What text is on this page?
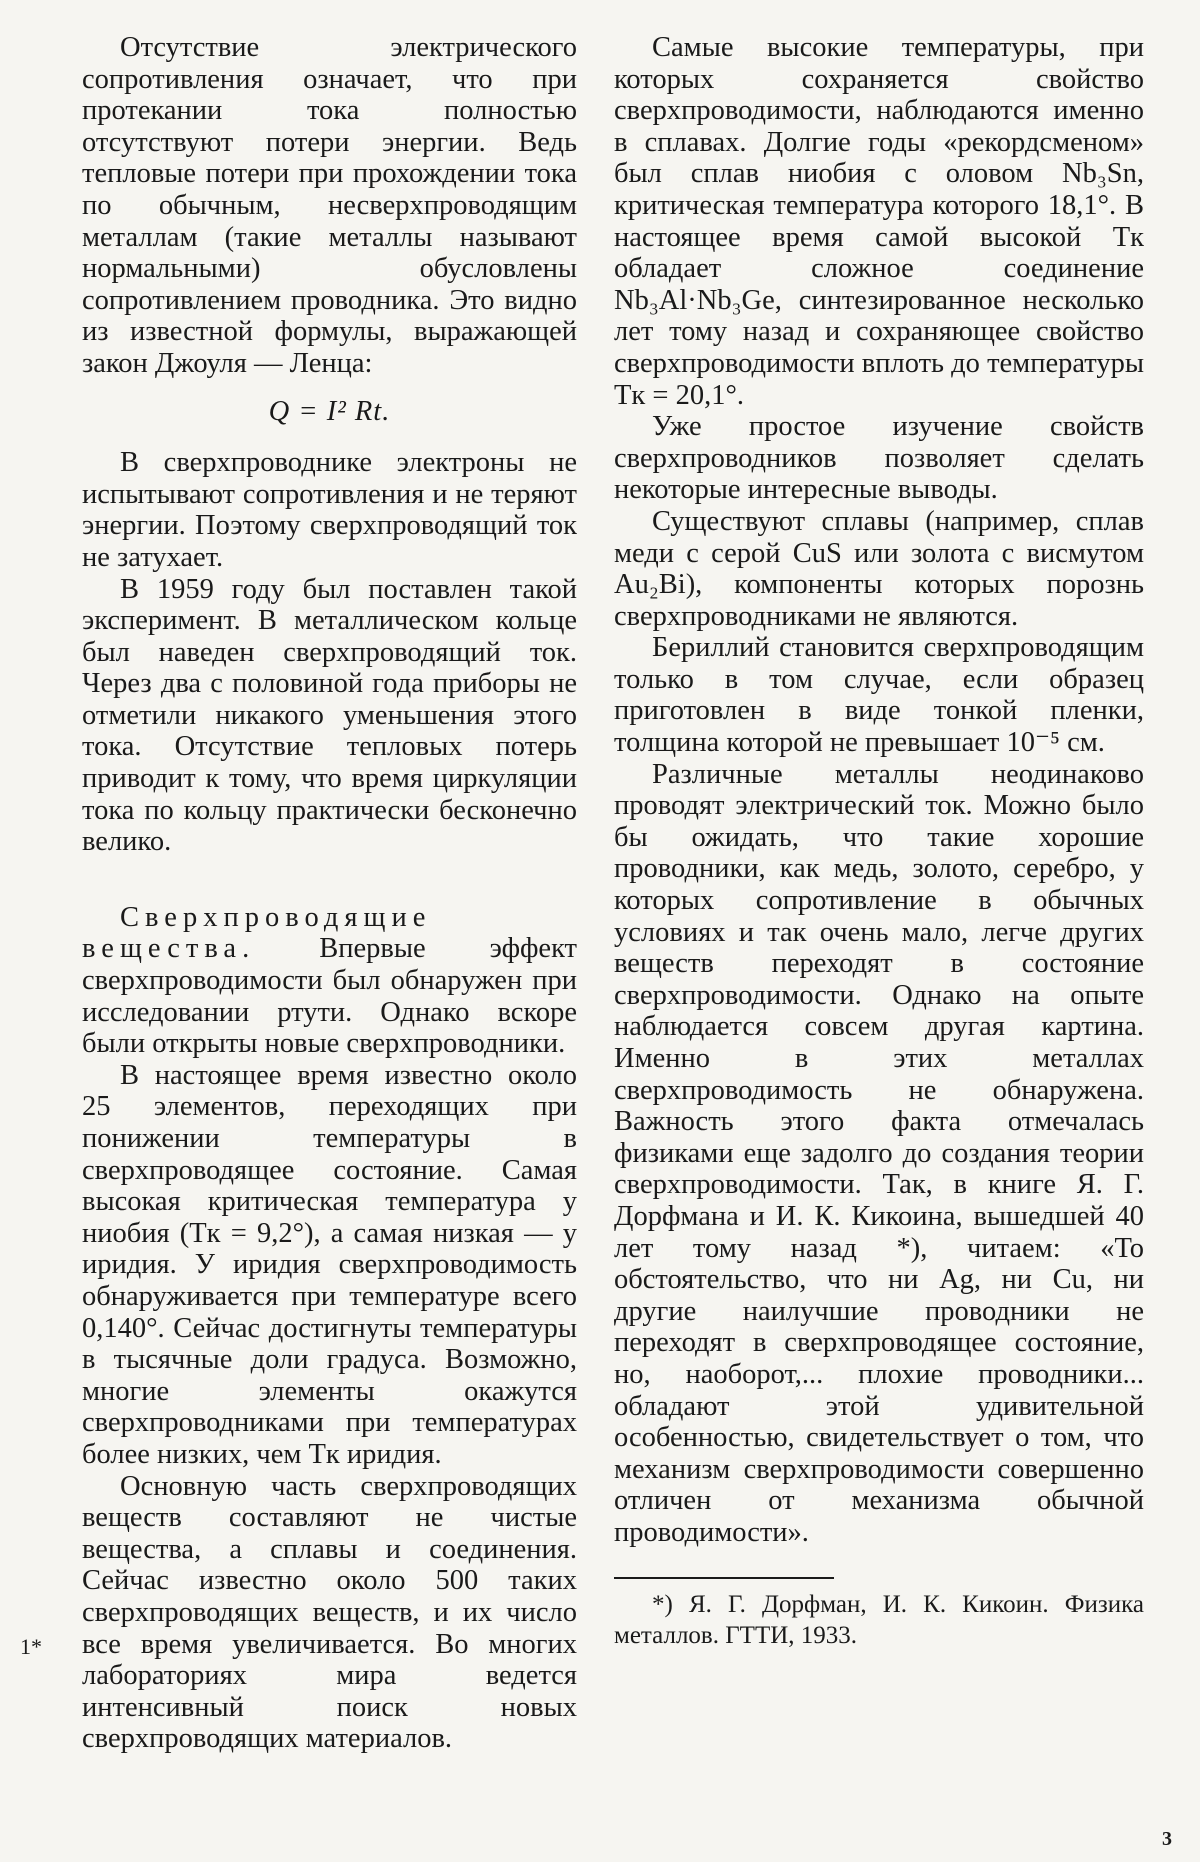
Отсутствие электрического сопротивления означает, что при протекании тока полностью отсутствуют потери энергии. Ведь тепловые потери при прохождении тока по обычным, несверхпроводящим металлам (такие металлы называют нормальными) обусловлены сопротивлением проводника. Это видно из известной формулы, выражающей закон Джоуля — Ленца:

Q = I² Rt.

В сверхпроводнике электроны не испытывают сопротивления и не теряют энергии. Поэтому сверхпроводящий ток не затухает.

В 1959 году был поставлен такой эксперимент. В металлическом кольце был наведен сверхпроводящий ток. Через два с половиной года приборы не отметили никакого уменьшения этого тока. Отсутствие тепловых потерь приводит к тому, что время циркуляции тока по кольцу практически бесконечно велико.

Сверхпроводящие вещества. Впервые эффект сверхпроводимости был обнаружен при исследовании ртути. Однако вскоре были открыты новые сверхпроводники.

В настоящее время известно около 25 элементов, переходящих при понижении температуры в сверхпроводящее состояние. Самая высокая критическая температура у ниобия (Tк = 9,2°), а самая низкая — у иридия. У иридия сверхпроводимость обнаруживается при температуре всего 0,140°. Сейчас достигнуты температуры в тысячные доли градуса. Возможно, многие элементы окажутся сверхпроводниками при температурах более низких, чем Tк иридия.

Основную часть сверхпроводящих веществ составляют не чистые вещества, а сплавы и соединения. Сейчас известно около 500 таких сверхпроводящих веществ, и их число все время увеличивается. Во многих лабораториях мира ведется интенсивный поиск новых сверхпроводящих материалов.

Самые высокие температуры, при которых сохраняется свойство сверхпроводимости, наблюдаются именно в сплавах. Долгие годы «рекордсменом» был сплав ниобия с оловом Nb₃Sn, критическая температура которого 18,1°. В настоящее время самой высокой Tк обладает сложное соединение Nb₃Al·Nb₃Ge, синтезированное несколько лет тому назад и сохраняющее свойство сверхпроводимости вплоть до температуры Tк = 20,1°.

Уже простое изучение свойств сверхпроводников позволяет сделать некоторые интересные выводы.

Существуют сплавы (например, сплав меди с серой CuS или золота с висмутом Au₂Bi), компоненты которых порознь сверхпроводниками не являются.

Бериллий становится сверхпроводящим только в том случае, если образец приготовлен в виде тонкой пленки, толщина которой не превышает 10⁻⁵ см.

Различные металлы неодинаково проводят электрический ток. Можно было бы ожидать, что такие хорошие проводники, как медь, золото, серебро, у которых сопротивление в обычных условиях и так очень мало, легче других веществ переходят в состояние сверхпроводимости. Однако на опыте наблюдается совсем другая картина. Именно в этих металлах сверхпроводимость не обнаружена. Важность этого факта отмечалась физиками еще задолго до создания теории сверхпроводимости. Так, в книге Я. Г. Дорфмана и И. К. Кикоина, вышедшей 40 лет тому назад *), читаем: «То обстоятельство, что ни Ag, ни Cu, ни другие наилучшие проводники не переходят в сверхпроводящее состояние, но, наоборот,... плохие проводники... обладают этой удивительной особенностью, свидетельствует о том, что механизм сверхпроводимости совершенно отличен от механизма обычной проводимости».

*) Я. Г. Дорфман, И. К. Кикоин. Физика металлов. ГТТИ, 1933.
1*
3
